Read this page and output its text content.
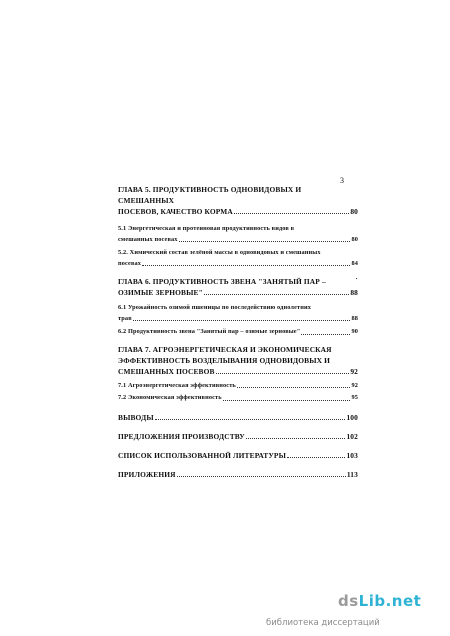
3
ГЛАВА 5. ПРОДУКТИВНОСТЬ ОДНОВИДОВЫХ И СМЕШАННЫХ
ПОСЕВОВ, КАЧЕСТВО КОРМА	80
5.1 Энергетическая и протеиновая продуктивность видов в
смешанных посевах	80
5.2. Химический состав зелёной массы в одновидовых и смешанных
посевах	84
ГЛАВА 6. ПРОДУКТИВНОСТЬ ЗВЕНА "ЗАНЯТЫЙ ПАР –
ОЗИМЫЕ ЗЕРНОВЫЕ"	88
6.1 Урожайность озимой пшеницы по последействию однолетних
трав	88
6.2 Продуктивность звена "Занятый пар – озимые зерновые"	90
ГЛАВА 7. АГРОЭНЕРГЕТИЧЕСКАЯ И ЭКОНОМИЧЕСКАЯ
ЭФФЕКТИВНОСТЬ ВОЗДЕЛЫВАНИЯ ОДНОВИДОВЫХ И
СМЕШАННЫХ ПОСЕВОВ	92
7.1 Агроэнергетическая эффективность	92
7.2 Экономическая эффективность	95
ВЫВОДЫ	100
ПРЕДЛОЖЕНИЯ ПРОИЗВОДСТВУ	102
СПИСОК ИСПОЛЬЗОВАННОЙ ЛИТЕРАТУРЫ	103
ПРИЛОЖЕНИЯ	113
dsLib.net
библиотека диссертаций
